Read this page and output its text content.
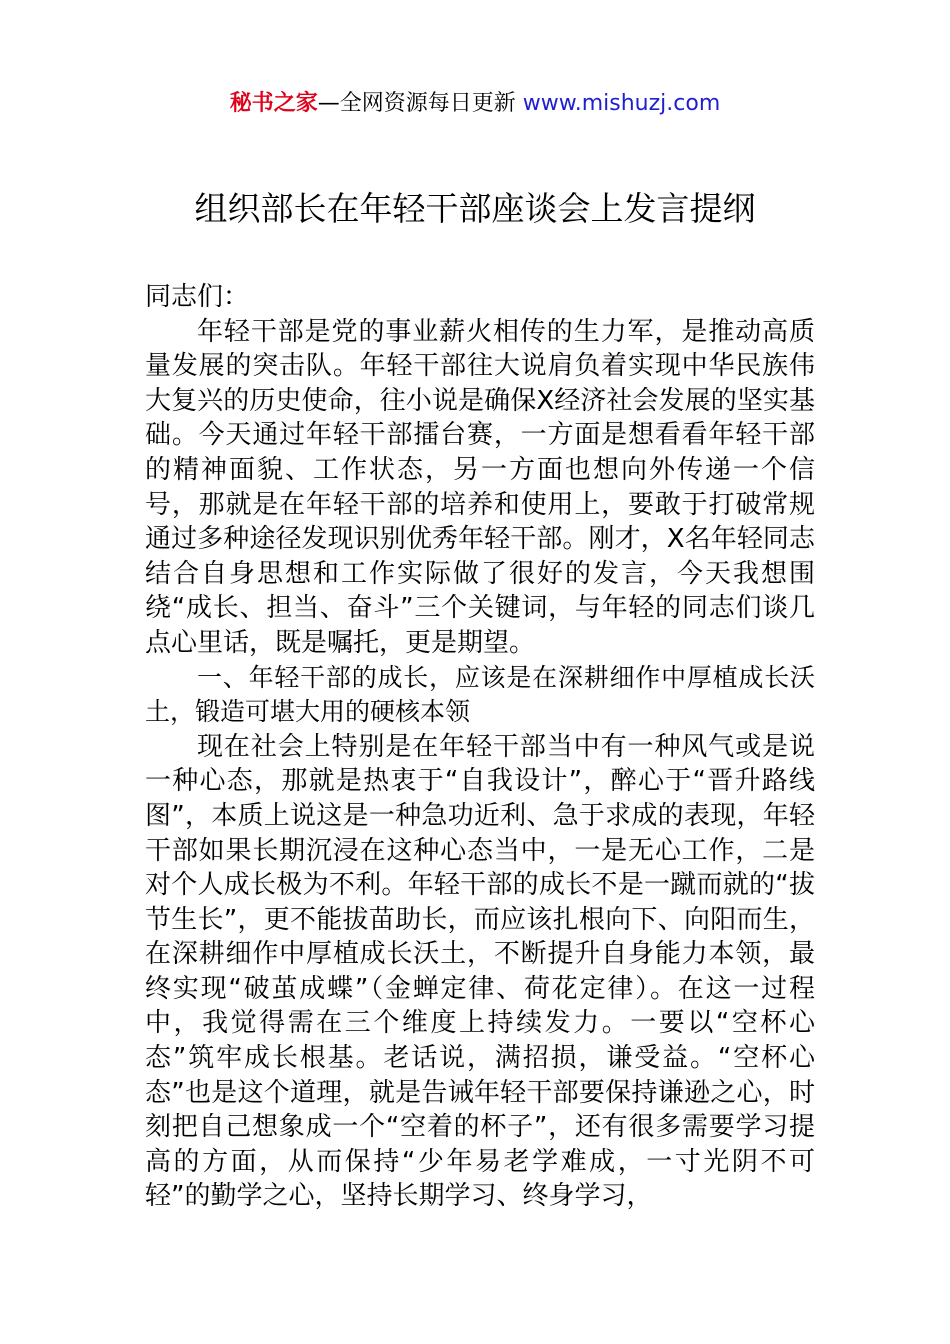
秘书之家—全网资源每日更新 www.mishuzj.com
组织部长在年轻干部座谈会上发言提纲

同志们：

年轻干部是党的事业薪火相传的生力军，是推动高质量发展的突击队。年轻干部往大说肩负着实现中华民族伟大复兴的历史使命，往小说是确保X经济社会发展的坚实基础。今天通过年轻干部擂台赛，一方面是想看看年轻干部的精神面貌、工作状态，另一方面也想向外传递一个信号，那就是在年轻干部的培养和使用上，要敢于打破常规通过多种途径发现识别优秀年轻干部。刚才，X名年轻同志结合自身思想和工作实际做了很好的发言，今天我想围绕“成长、担当、奋斗”三个关键词，与年轻的同志们谈几点心里话，既是嘱托，更是期望。

一、年轻干部的成长，应该是在深耕细作中厚植成长沃土，锻造可堪大用的硬核本领

现在社会上特别是在年轻干部当中有一种风气或是说一种心态，那就是热衷于“自我设计”，醉心于“晋升路线图”，本质上说这是一种急功近利、急于求成的表现，年轻干部如果长期沉浸在这种心态当中，一是无心工作，二是对个人成长极为不利。年轻干部的成长不是一蹴而就的“拔节生长”，更不能拔苗助长，而应该扎根向下、向阳而生，在深耕细作中厚植成长沃土，不断提升自身能力本领，最终实现“破茧成蝶”（金蝉定律、荷花定律）。在这一过程中，我觉得需在三个维度上持续发力。一要以“空杯心态”筑牢成长根基。老话说，满招损，谦受益。“空杯心态”也是这个道理，就是告诫年轻干部要保持谦逊之心，时刻把自己想象成一个“空着的杯子”，还有很多需要学习提高的方面，从而保持“少年易老学难成，一寸光阴不可轻”的勤学之心，坚持长期学习、终身学习，
